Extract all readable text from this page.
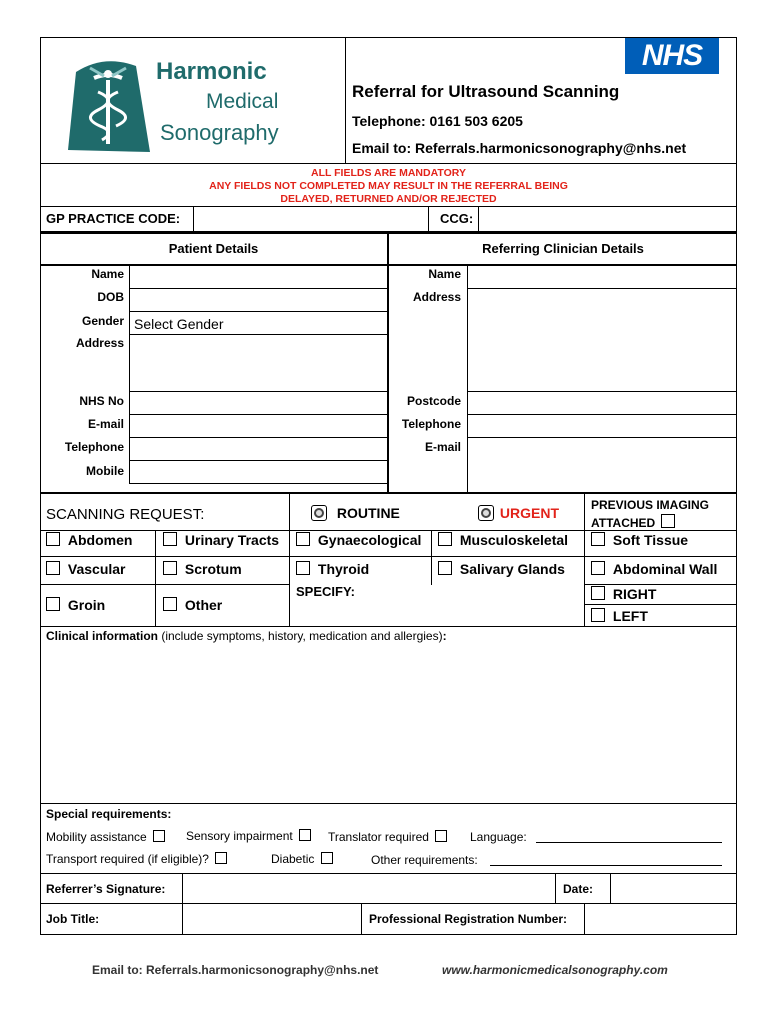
Harmonic
Medical
Sonography
NHS
Referral for Ultrasound Scanning
Telephone: 0161 503 6205
Email to: Referrals.harmonicsonography@nhs.net
ALL FIELDS ARE MANDATORY
ANY FIELDS NOT COMPLETED MAY RESULT IN THE REFERRAL BEING
DELAYED, RETURNED AND/OR REJECTED
GP PRACTICE CODE:	CCG:
Patient Details	Referring Clinician Details
Name
DOB
Gender Select Gender
Address
NHS No
E-mail
Telephone
Mobile
Name
Address
Postcode
Telephone
E-mail
SCANNING REQUEST:	ROUTINE	URGENT	PREVIOUS IMAGING
ATTACHED
Abdomen	Urinary Tracts	Gynaecological	Musculoskeletal	Soft Tissue
Vascular	Scrotum	Thyroid	Salivary Glands	Abdominal Wall
SPECIFY:
Groin	Other
RIGHT
LEFT
Clinical information (include symptoms, history, medication and allergies):
Special requirements:
Mobility assistance	Sensory impairment	Translator required	Language:
Transport required (if eligible)?	Diabetic	Other requirements:
Referrer’s Signature:	Date:
Job Title:	Professional Registration Number:
Email to: Referrals.harmonicsonography@nhs.net	www.harmonicmedicalsonography.com
